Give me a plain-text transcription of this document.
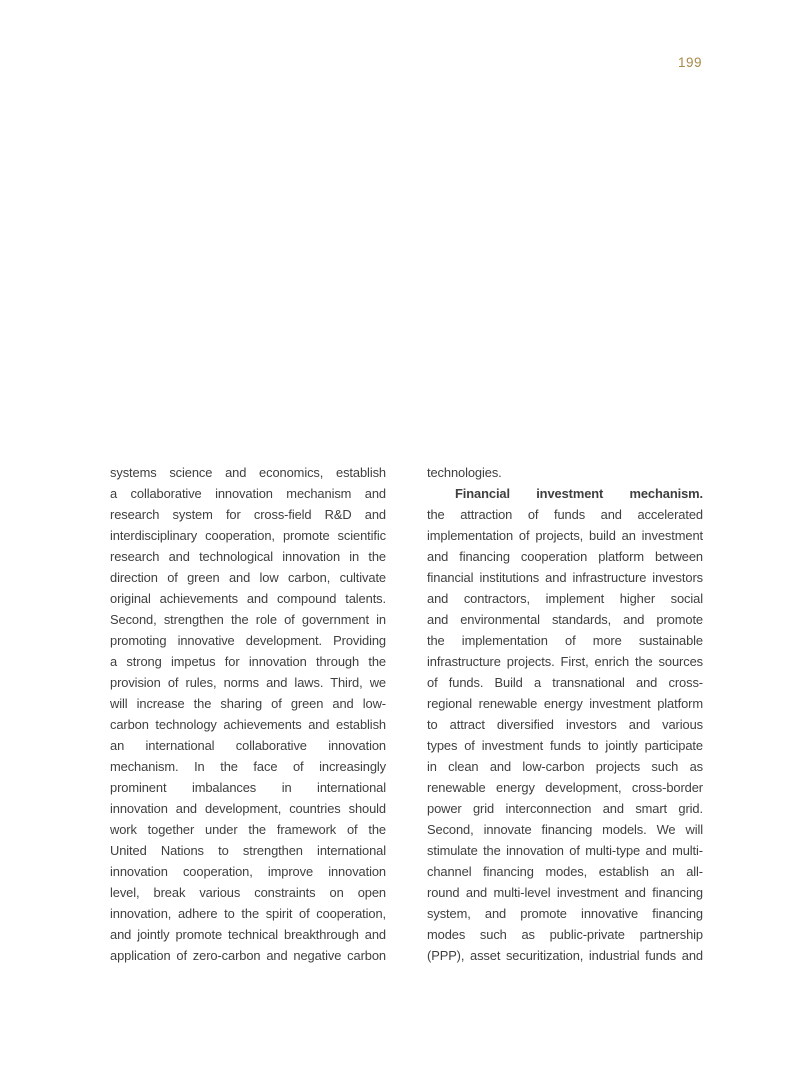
199
systems science and economics, establish
a collaborative innovation mechanism and
research system for cross-field R&D and
interdisciplinary cooperation, promote scientific
research and technological innovation in the
direction of green and low carbon, cultivate
original achievements and compound talents.
Second, strengthen the role of government in
promoting innovative development. Providing
a strong impetus for innovation through the
provision of rules, norms and laws. Third, we
will increase the sharing of green and low-
carbon technology achievements and establish
an international collaborative innovation
mechanism. In the face of increasingly
prominent imbalances in international
innovation and development, countries should
work together under the framework of the
United Nations to strengthen international
innovation cooperation, improve innovation
level, break various constraints on open
innovation, adhere to the spirit of cooperation,
and jointly promote technical breakthrough and
application of zero-carbon and negative carbon
technologies.
Financial investment mechanism.
the attraction of funds and accelerated
implementation of projects, build an investment
and financing cooperation platform between
financial institutions and infrastructure investors
and contractors, implement higher social
and environmental standards, and promote
the implementation of more sustainable
infrastructure projects. First, enrich the sources
of funds. Build a transnational and cross-
regional renewable energy investment platform
to attract diversified investors and various
types of investment funds to jointly participate
in clean and low-carbon projects such as
renewable energy development, cross-border
power grid interconnection and smart grid.
Second, innovate financing models. We will
stimulate the innovation of multi-type and multi-
channel financing modes, establish an all-
round and multi-level investment and financing
system, and promote innovative financing
modes such as public-private partnership
(PPP), asset securitization, industrial funds and
